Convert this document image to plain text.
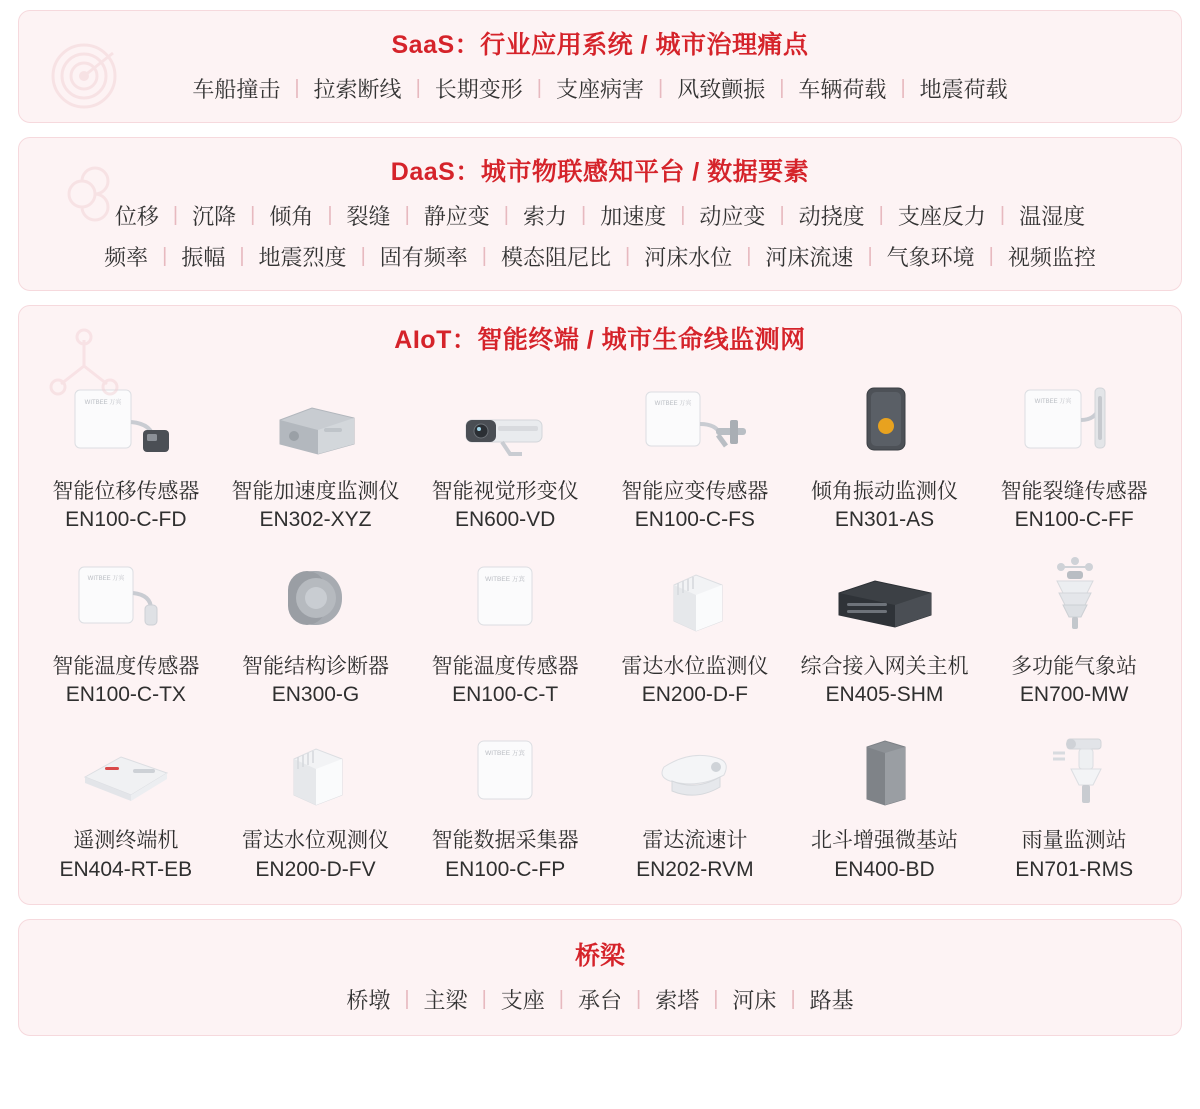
SaaS：行业应用系统 / 城市治理痛点
车船撞击 | 拉索断线 | 长期变形 | 支座病害 | 风致颤振 | 车辆荷载 | 地震荷载
DaaS：城市物联感知平台 / 数据要素
位移 | 沉降 | 倾角 | 裂缝 | 静应变 | 索力 | 加速度 | 动应变 | 动挠度 | 支座反力 | 温湿度
频率 | 振幅 | 地震烈度 | 固有频率 | 模态阻尼比 | 河床水位 | 河床流速 | 气象环境 | 视频监控
AIoT：智能终端 / 城市生命线监测网
WITBEE 万宾
智能位移传感器
EN100-C-FD
智能加速度监测仪
EN302-XYZ
智能视觉形变仪
EN600-VD
WITBEE 万宾
智能应变传感器
EN100-C-FS
倾角振动监测仪
EN301-AS
WITBEE 万宾
智能裂缝传感器
EN100-C-FF
WITBEE 万宾
智能温度传感器
EN100-C-TX
智能结构诊断器
EN300-G
WITBEE 万宾
智能温度传感器
EN100-C-T
雷达水位监测仪
EN200-D-F
综合接入网关主机
EN405-SHM
多功能气象站
EN700-MW
遥测终端机
EN404-RT-EB
雷达水位观测仪
EN200-D-FV
WITBEE 万宾
智能数据采集器
EN100-C-FP
雷达流速计
EN202-RVM
北斗增强微基站
EN400-BD
雨量监测站
EN701-RMS
桥梁
桥墩 | 主梁 | 支座 | 承台 | 索塔 | 河床 | 路基
